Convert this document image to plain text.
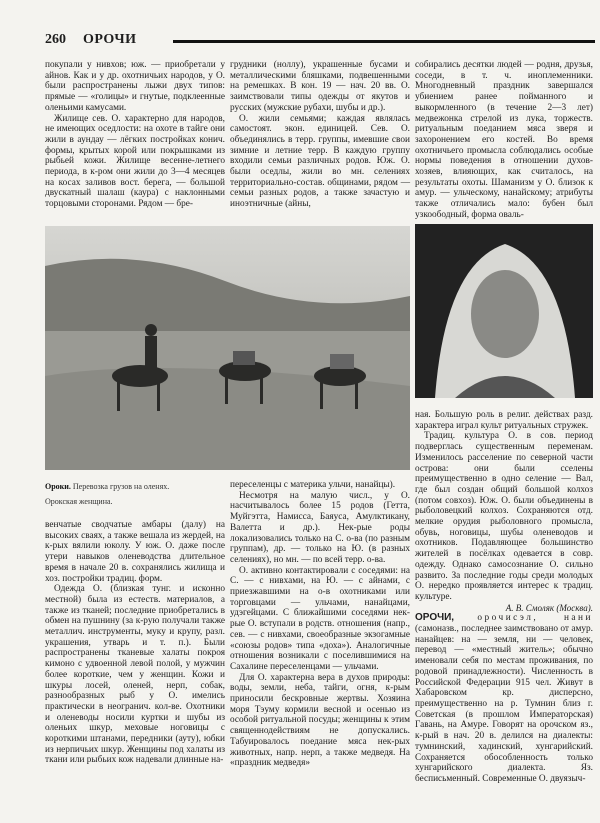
260 ОРОЧИ

покупали у нивхов; юж. — приобретали у айнов. Как и у др. охотничьих народов, у О. были распространены лыжи двух типов: прямые — «голицы» и гнутые, подклеенные оленьими камусами.

Жилище сев. О. характерно для народов, не имеющих оседлости: на охоте в тайге они жили в аундау — лёгких постройках конич. формы, крытых корой или покрышками из рыбьей кожи. Жилище весенне-летнего периода, в к-ром они жили до 3—4 месяцев на косах заливов вост. берега, — большой двускатный шалаш (каура) с наклонными торцовыми сторонами. Рядом — бре-

грудники (ноллу), украшенные бусами и металлическими бляшками, подвешенными на ремешках. В кон. 19 — нач. 20 вв. О. заимствовали типы одежды от якутов и русских (мужские рубахи, шубы и др.).

О. жили семьями; каждая являлась самостоят. экон. единицей. Сев. О. объединялись в терр. группы, имевшие свои зимние и летние терр. В каждую группу входили семьи различных родов. Юж. О. были оседлы, жили во мн. селениях территориально-состав. общинами, рядом — семьи разных родов, а также зачастую и иноэтничные (айны,

собирались десятки людей — родня, друзья, соседи, в т. ч. иноплеменники. Многодневный праздник завершался убиением ранее пойманного и выкормленного (в течение 2—3 лет) медвежонка стрелой из лука, торжеств. ритуальным поеданием мяса зверя и захоронением его костей. Во время охотничьего промысла соблюдались особые нормы поведения в отношении духов-хозяев, влияющих, как считалось, на результаты охоты. Шаманизм у О. близок к амур. — ульческому, нанайскому; атрибуты также отличались мало: бубен был узкоободный, форма оваль-

Ороки. Перевозка грузов на оленях.
Орокская женщина.

венчатые сводчатые амбары (далу) на высоких сваях, а также вешала из жердей, на к-рых вялили юколу. У юж. О. даже после утери навыков оленеводства длительное время в начале 20 в. сохранялись жилища и хоз. постройки традиц. форм.

Одежда О. (близкая тунг. и исконно местной) была из естеств. материалов, а также из тканей; последние приобретались в обмен на пушнину (за к-рую получали также металлич. инструменты, муку и крупу, разл. украшения, утварь и т. п.). Были распространены тканевые халаты покроя кимоно с удвоенной левой полой, у мужчин более короткие, чем у женщин. Кожи и шкуры лосей, оленей, нерп, собак, разнообразных рыб у О. имелись практически в неогранич. кол-ве. Охотники и оленеводы носили куртки и шубы из оленьих шкур, меховые ноговицы с короткими штанами, передники (ауту), юбки из нерпичьих шкур. Женщины под халаты из ткани или рыбьих кож надевали длинные на-

переселенцы с материка ульчи, нанайцы).

Несмотря на малую числ., у О. насчитывалось более 15 родов (Гетта, Муйгэтта, Намисса, Баяуса, Амулктикану, Валетта и др.). Нек-рые роды локализовались только на С. о-ва (по разным группам), др. — только на Ю. (в разных селениях), но мн. — по всей терр. о-ва.

О. активно контактировали с соседями: на С. — с нивхами, на Ю. — с айнами, с приезжавшими на о-в охотниками или торговцами — ульчами, нанайцами, удэгейцами. С ближайшими соседями нек-рые О. вступали в родств. отношения (напр., сев. — с нивхами, своеобразные экзогамные «союзы родов» типа «доха»). Аналогичные отношения возникали с поселившимися на Сахалине переселенцами — ульчами.

Для О. характерна вера в духов природы: воды, земли, неба, тайги, огня, к-рым приносили бескровные жертвы. Хозяина моря Тэуму кормили весной и осенью из особой ритуальной посуды; женщины к этим священнодействиям не допускались. Табуировалось поедание мяса нек-рых животных, напр. нерп, а также медведя. На «праздник медведя»

ная. Большую роль в религ. действах разд. характера играл культ ритуальных стружек.

Традиц. культура О. в сов. период подверглась существенным переменам. Изменилось расселение по северной части острова: они были сселены преимущественно в одно селение — Вал, где был создан общий большой колхоз (потом совхоз). Юж. О. были объединены в рыболовецкий колхоз. Сохраняются отд. мелкие орудия рыболовного промысла, обувь, ноговицы, шубы оленеводов и охотников. Подавляющее большинство жителей в посёлках одевается в совр. одежду. Однако самосознание О. сильно развито. За последние годы среди молодых О. нередко проявляется интерес к традиц. культуре.

А. В. Смоляк (Москва).

ОРОЧИ, орочисэл, нани (самоназв., последнее заимствовано от амур. нанайцев: на — земля, ни — человек, перевод — «местный житель»; обычно именовали себя по местам проживания, по родовой принадлежности). Численность в Российской Федерации 915 чел. Живут в Хабаровском кр. дисперсно, преимущественно на р. Тумнин близ г. Советская (в прошлом Императорская) Гавань, на Амуре. Говорят на орочском яз., к-рый в нач. 20 в. делился на диалекты: тумнинский, хадинский, хунгарийский. Сохраняется обособленность только хунгарийского диалекта. Яз. бесписьменный. Современные О. двуязыч-
